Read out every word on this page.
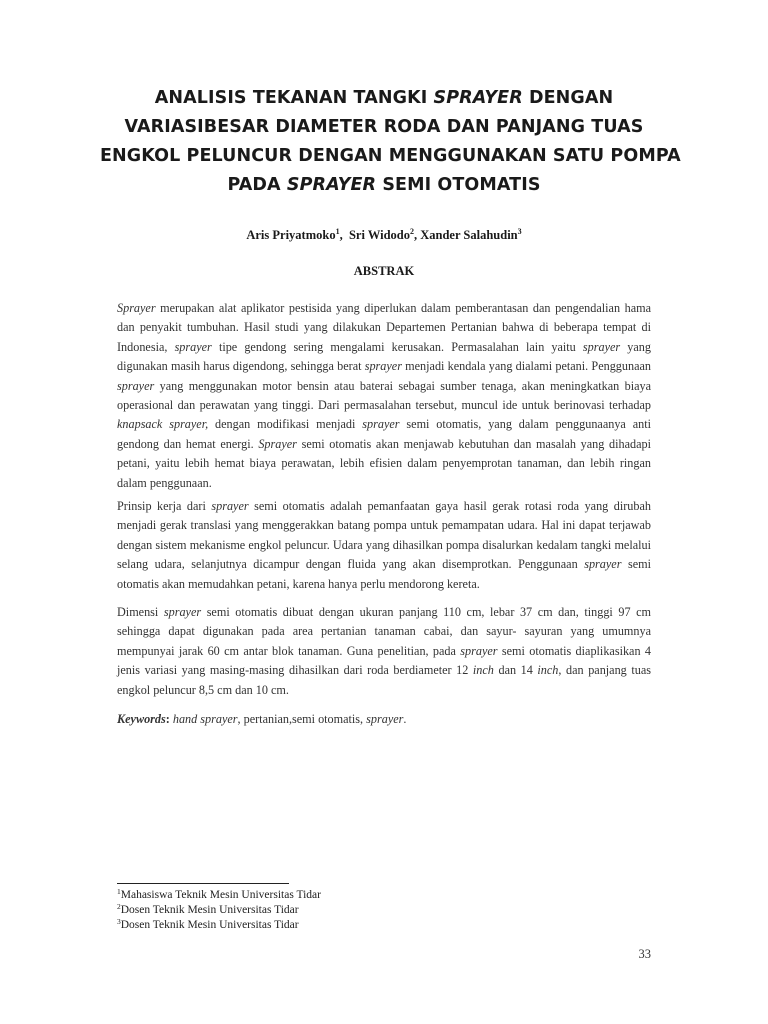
ANALISIS TEKANAN TANGKI SPRAYER DENGAN
VARIASIBESAR DIAMETER RODA DAN PANJANG TUAS
ENGKOL PELUNCUR DENGAN MENGGUNAKAN SATU POMPA
PADA SPRAYER SEMI OTOMATIS
Aris Priyatmoko$^1$,  Sri Widodo$^2$, Xander Salahudin$^3$
ABSTRAK

Sprayer merupakan alat aplikator pestisida yang diperlukan dalam pemberantasan dan pengendalian hama dan penyakit tumbuhan. Hasil studi yang dilakukan Departemen Pertanian bahwa di beberapa tempat di Indonesia, sprayer tipe gendong sering mengalami kerusakan. Permasalahan lain yaitu sprayer yang digunakan masih harus digendong, sehingga berat sprayer menjadi kendala yang dialami petani. Penggunaan sprayer yang menggunakan motor bensin atau baterai sebagai sumber tenaga, akan meningkatkan biaya operasional dan perawatan yang tinggi. Dari permasalahan tersebut, muncul ide untuk berinovasi terhadap knapsack sprayer, dengan modifikasi menjadi sprayer semi otomatis, yang dalam penggunaanya anti gendong dan hemat energi. Sprayer semi otomatis akan menjawab kebutuhan dan masalah yang dihadapi petani, yaitu lebih hemat biaya perawatan, lebih efisien dalam penyemprotan tanaman, dan lebih ringan dalam penggunaan.

Prinsip kerja dari sprayer semi otomatis adalah pemanfaatan gaya hasil gerak rotasi roda yang dirubah menjadi gerak translasi yang menggerakkan batang pompa untuk pemampatan udara. Hal ini dapat terjawab dengan sistem mekanisme engkol peluncur. Udara yang dihasilkan pompa disalurkan kedalam tangki melalui selang udara, selanjutnya dicampur dengan fluida yang akan disemprotkan. Penggunaan sprayer semi otomatis akan memudahkan petani, karena hanya perlu mendorong kereta.

Dimensi sprayer semi otomatis dibuat dengan ukuran panjang 110 cm, lebar 37 cm dan, tinggi 97 cm sehingga dapat digunakan pada area pertanian tanaman cabai, dan sayur- sayuran yang umumnya mempunyai jarak 60 cm antar blok tanaman. Guna penelitian, pada sprayer semi otomatis diaplikasikan 4 jenis variasi yang masing-masing dihasilkan dari roda berdiameter 12 inch dan 14 inch, dan panjang tuas engkol peluncur 8,5 cm dan 10 cm.

Keywords: hand sprayer, pertanian,semi otomatis, sprayer.

$^1$Mahasiswa Teknik Mesin Universitas Tidar
$^2$Dosen Teknik Mesin Universitas Tidar
$^3$Dosen Teknik Mesin Universitas Tidar
33
